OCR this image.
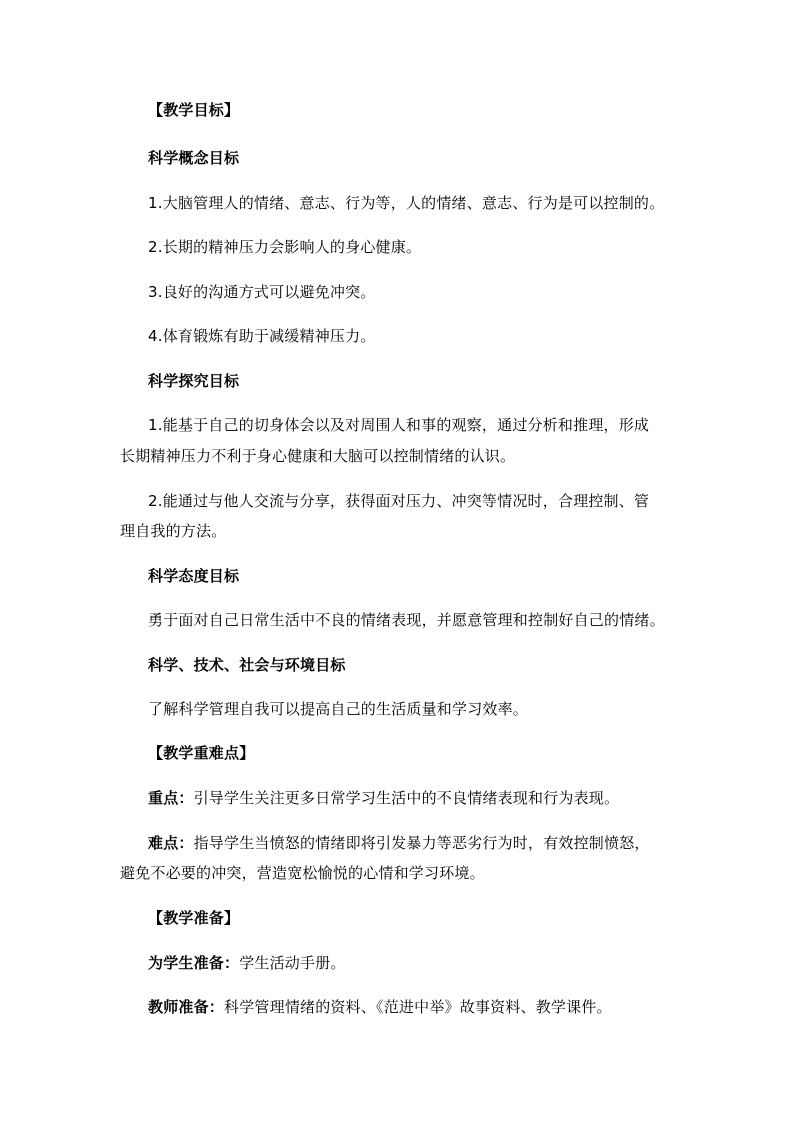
【教学目标】
科学概念目标
1.大脑管理人的情绪、意志、行为等，人的情绪、意志、行为是可以控制的。
2.长期的精神压力会影响人的身心健康。
3.良好的沟通方式可以避免冲突。
4.体育锻炼有助于减缓精神压力。
科学探究目标
1.能基于自己的切身体会以及对周围人和事的观察，通过分析和推理，形成
长期精神压力不利于身心健康和大脑可以控制情绪的认识。
2.能通过与他人交流与分享，获得面对压力、冲突等情况时，合理控制、管
理自我的方法。
科学态度目标
勇于面对自己日常生活中不良的情绪表现，并愿意管理和控制好自己的情绪。
科学、技术、社会与环境目标
了解科学管理自我可以提高自己的生活质量和学习效率。
【教学重难点】
重点：引导学生关注更多日常学习生活中的不良情绪表现和行为表现。
难点：指导学生当愤怒的情绪即将引发暴力等恶劣行为时，有效控制愤怒，
避免不必要的冲突，营造宽松愉悦的心情和学习环境。
【教学准备】
为学生准备：学生活动手册。
教师准备：科学管理情绪的资料、《范进中举》故事资料、教学课件。
